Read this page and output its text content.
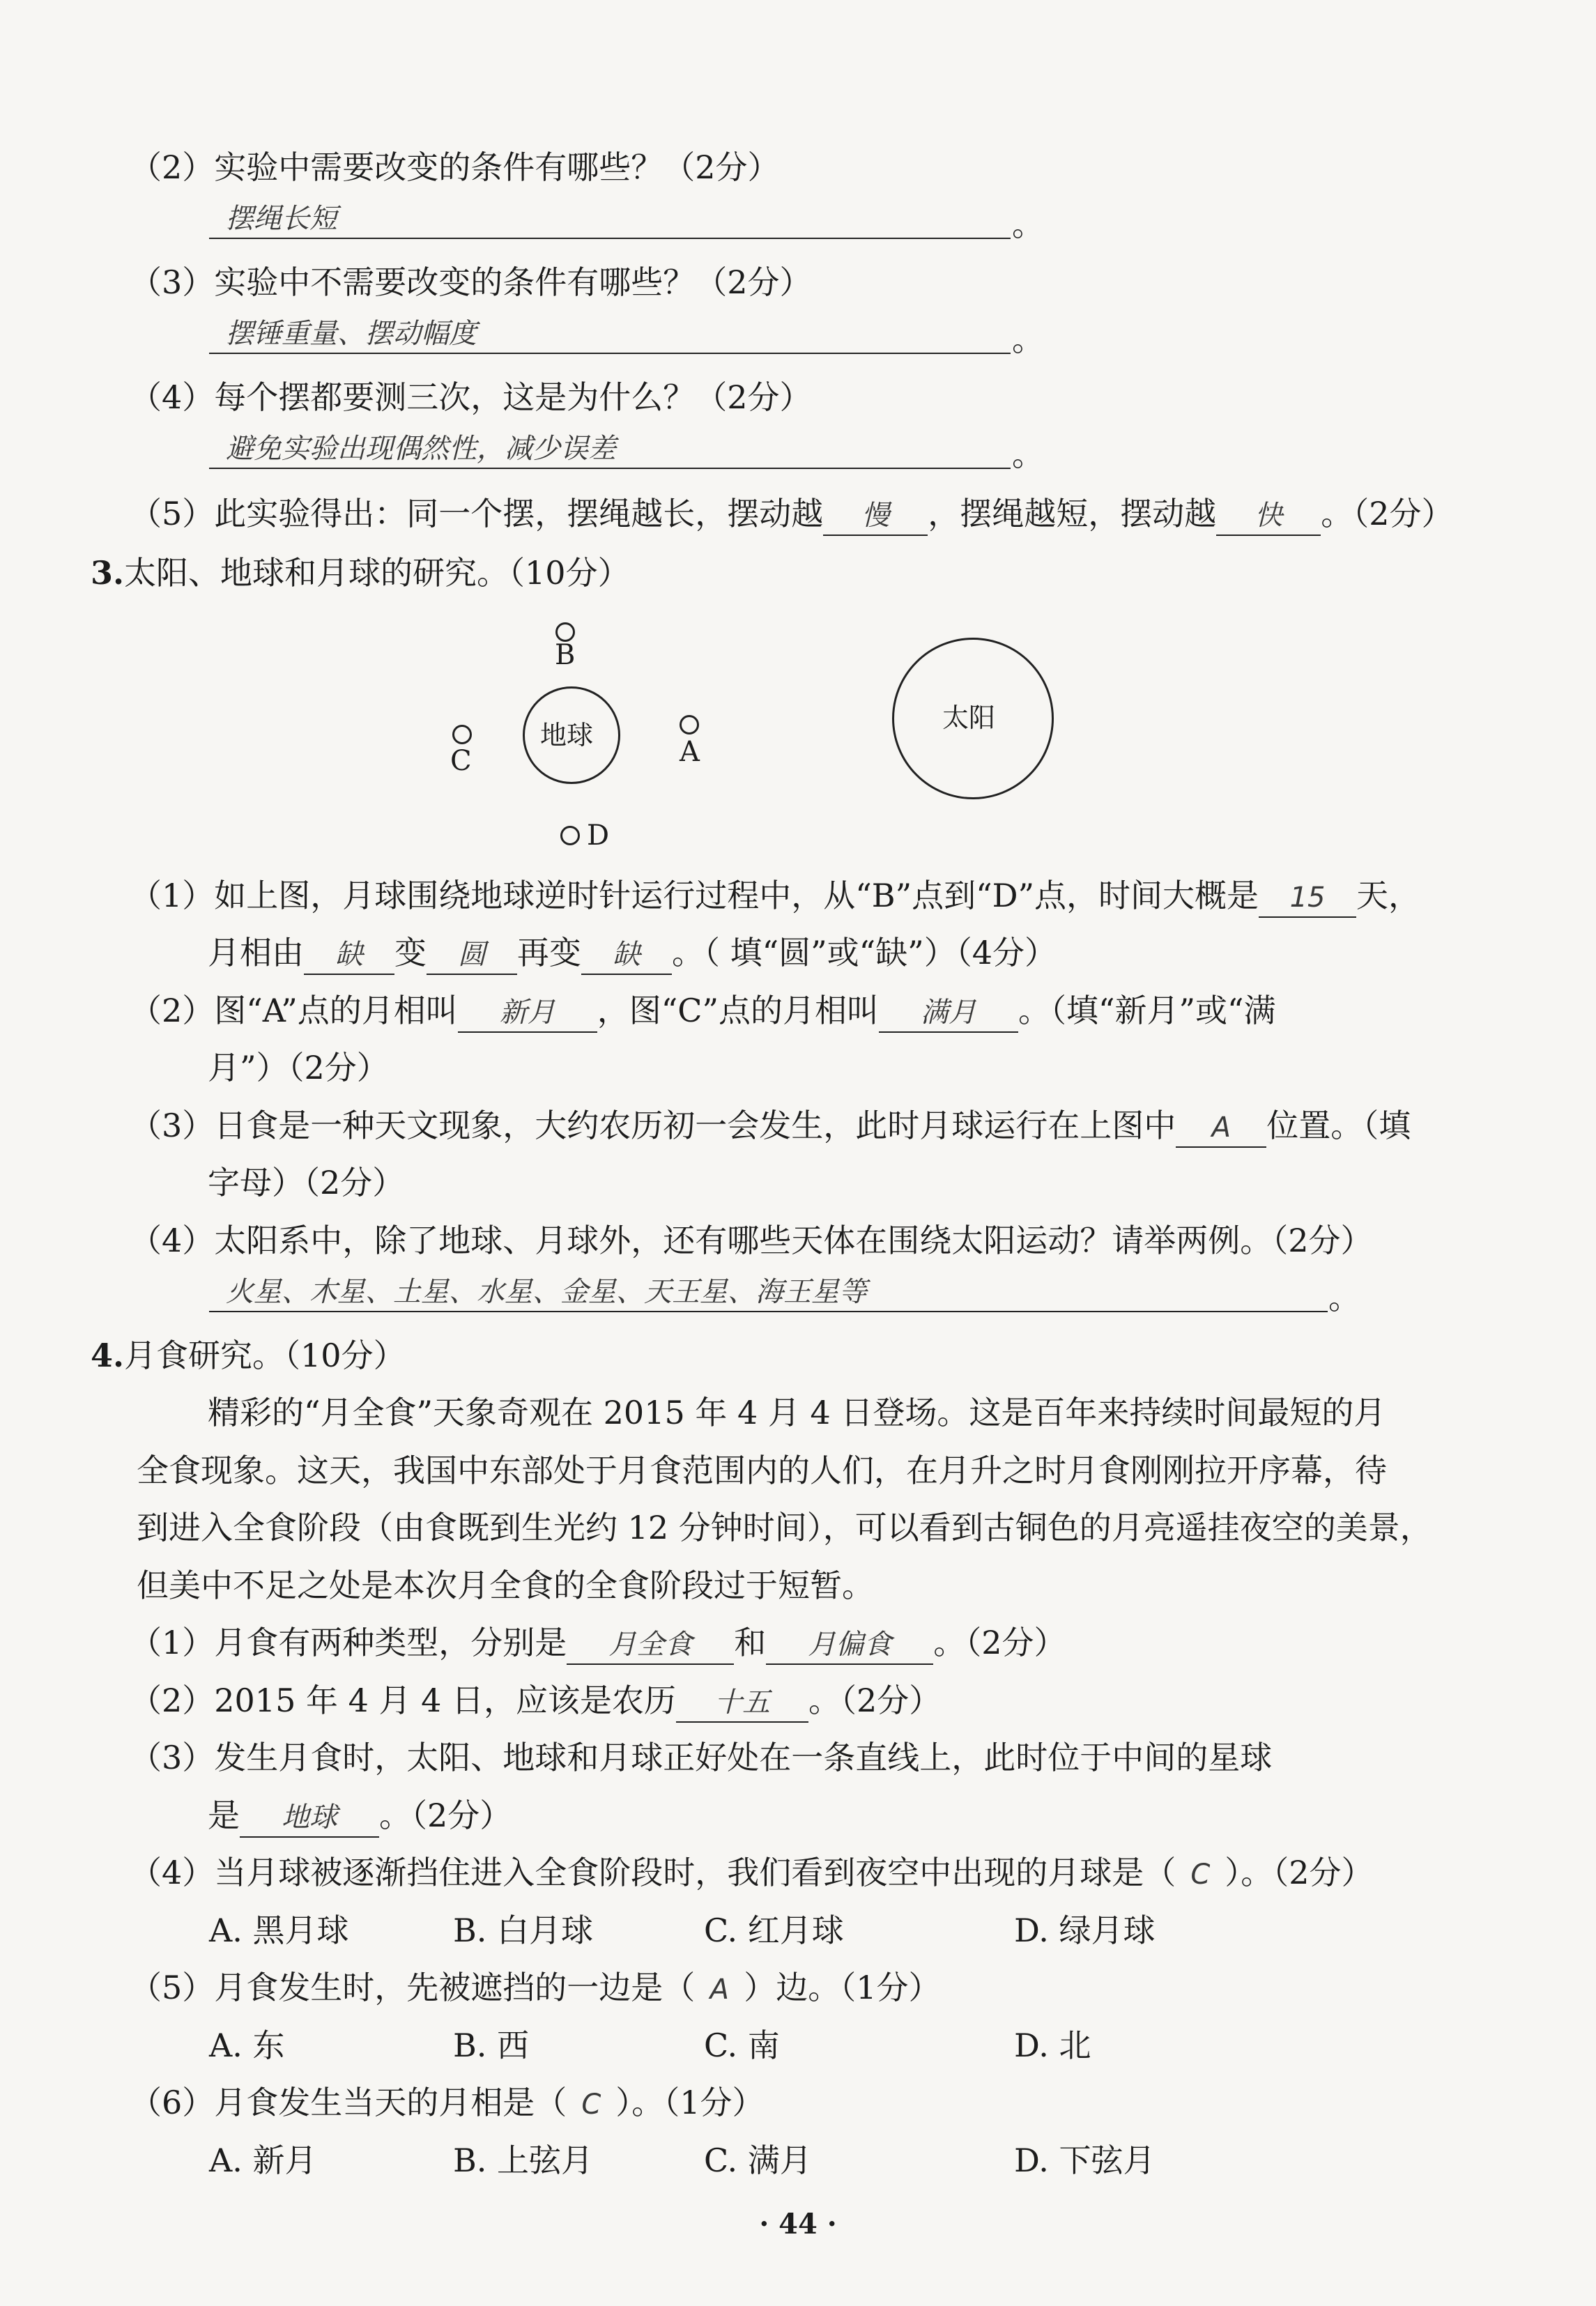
（2）实验中需要改变的条件有哪些？（2分）
摆绳长短	。
（3）实验中不需要改变的条件有哪些？（2分）
摆锤重量、摆动幅度	。
（4）每个摆都要测三次，这是为什么？（2分）
避免实验出现偶然性，减少误差	。
（5）此实验得出：同一个摆，摆绳越长，摆动越 慢 ，摆绳越短，摆动越 快 。（2分）
3.太阳、地球和月球的研究。（10分）
B
地球
C	A
D
太阳
（1）如上图，月球围绕地球逆时针运行过程中，从“B”点到“D”点，时间大概是 15 天，
月相由 缺 变 圆 再变 缺 。（ 填“圆”或“缺”）（4分）
（2）图“A”点的月相叫 新月 ，图“C”点的月相叫 满月 。（填“新月”或“满
月”）（2分）
（3）日食是一种天文现象，大约农历初一会发生，此时月球运行在上图中 A 位置。（填
字母）（2分）
（4）太阳系中，除了地球、月球外，还有哪些天体在围绕太阳运动？请举两例。（2分）
火星、木星、土星、水星、金星、天王星、海王星等	。
4.月食研究。（10分）
精彩的“月全食”天象奇观在 2015 年 4 月 4 日登场。这是百年来持续时间最短的月
全食现象。这天，我国中东部处于月食范围内的人们，在月升之时月食刚刚拉开序幕，待
到进入全食阶段（由食既到生光约 12 分钟时间），可以看到古铜色的月亮遥挂夜空的美景，
但美中不足之处是本次月全食的全食阶段过于短暂。
（1）月食有两种类型，分别是 月全食 和 月偏食 。（2分）
（2）2015 年 4 月 4 日，应该是农历 十五 。（2分）
（3）发生月食时，太阳、地球和月球正好处在一条直线上，此时位于中间的星球
是 地球 。（2分）
（4）当月球被逐渐挡住进入全食阶段时，我们看到夜空中出现的月球是（ C ）。（2分）
A. 黑月球	B. 白月球	C. 红月球	D. 绿月球
（5）月食发生时，先被遮挡的一边是（ A ）边。（1分）
A. 东	B. 西	C. 南	D. 北
（6）月食发生当天的月相是（ C ）。（1分）
A. 新月	B. 上弦月	C. 满月	D. 下弦月
· 44 ·
